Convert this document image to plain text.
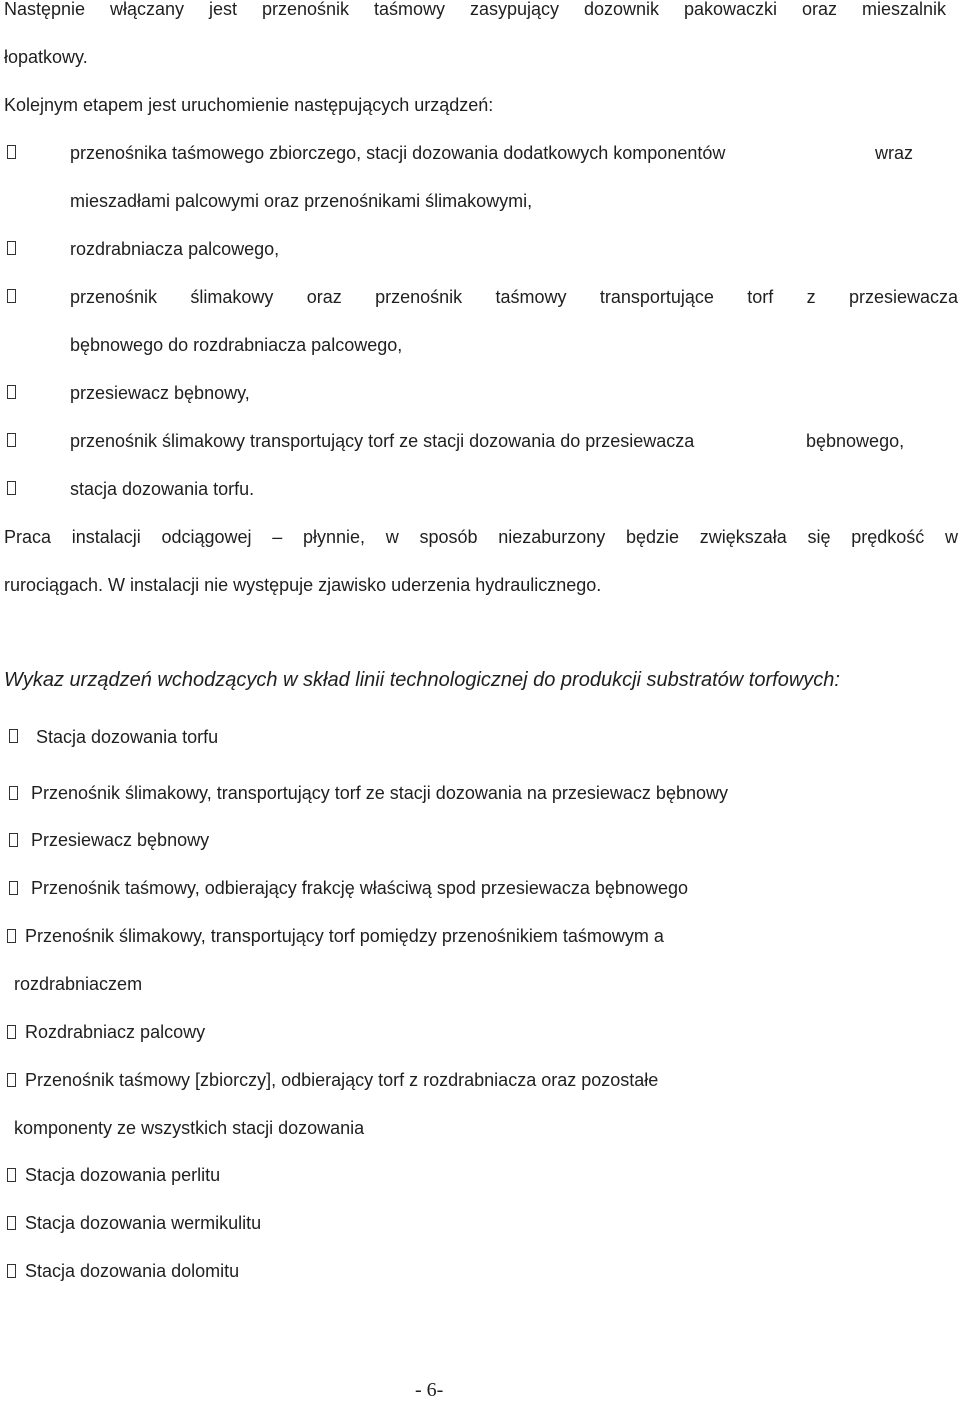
Następnie włączany jest przenośnik taśmowy zasypujący dozownik pakowaczki oraz mieszalnik
łopatkowy.
Kolejnym etapem jest uruchomienie następujących urządzeń:
przenośnika taśmowego zbiorczego, stacji dozowania dodatkowych komponentów	wraz
mieszadłami palcowymi oraz przenośnikami ślimakowymi,
rozdrabniacza palcowego,
przenośnik ślimakowy oraz przenośnik taśmowy transportujące torf z przesiewacza
bębnowego do rozdrabniacza palcowego,
przesiewacz bębnowy,
przenośnik ślimakowy transportujący torf ze stacji dozowania do przesiewacza	bębnowego,
stacja dozowania torfu.
Praca instalacji odciągowej – płynnie, w sposób niezaburzony będzie zwiększała się prędkość w
rurociągach. W instalacji nie występuje zjawisko uderzenia hydraulicznego.
Wykaz urządzeń wchodzących w skład linii technologicznej do produkcji substratów torfowych:
Stacja dozowania torfu
Przenośnik ślimakowy, transportujący torf ze stacji dozowania na przesiewacz bębnowy
Przesiewacz bębnowy
Przenośnik taśmowy, odbierający frakcję właściwą spod przesiewacza bębnowego
Przenośnik ślimakowy, transportujący torf pomiędzy przenośnikiem taśmowym a
rozdrabniaczem
Rozdrabniacz palcowy
Przenośnik taśmowy [zbiorczy], odbierający torf z rozdrabniacza oraz pozostałe
komponenty ze wszystkich stacji dozowania
Stacja dozowania perlitu
Stacja dozowania wermikulitu
Stacja dozowania dolomitu
- 6-
